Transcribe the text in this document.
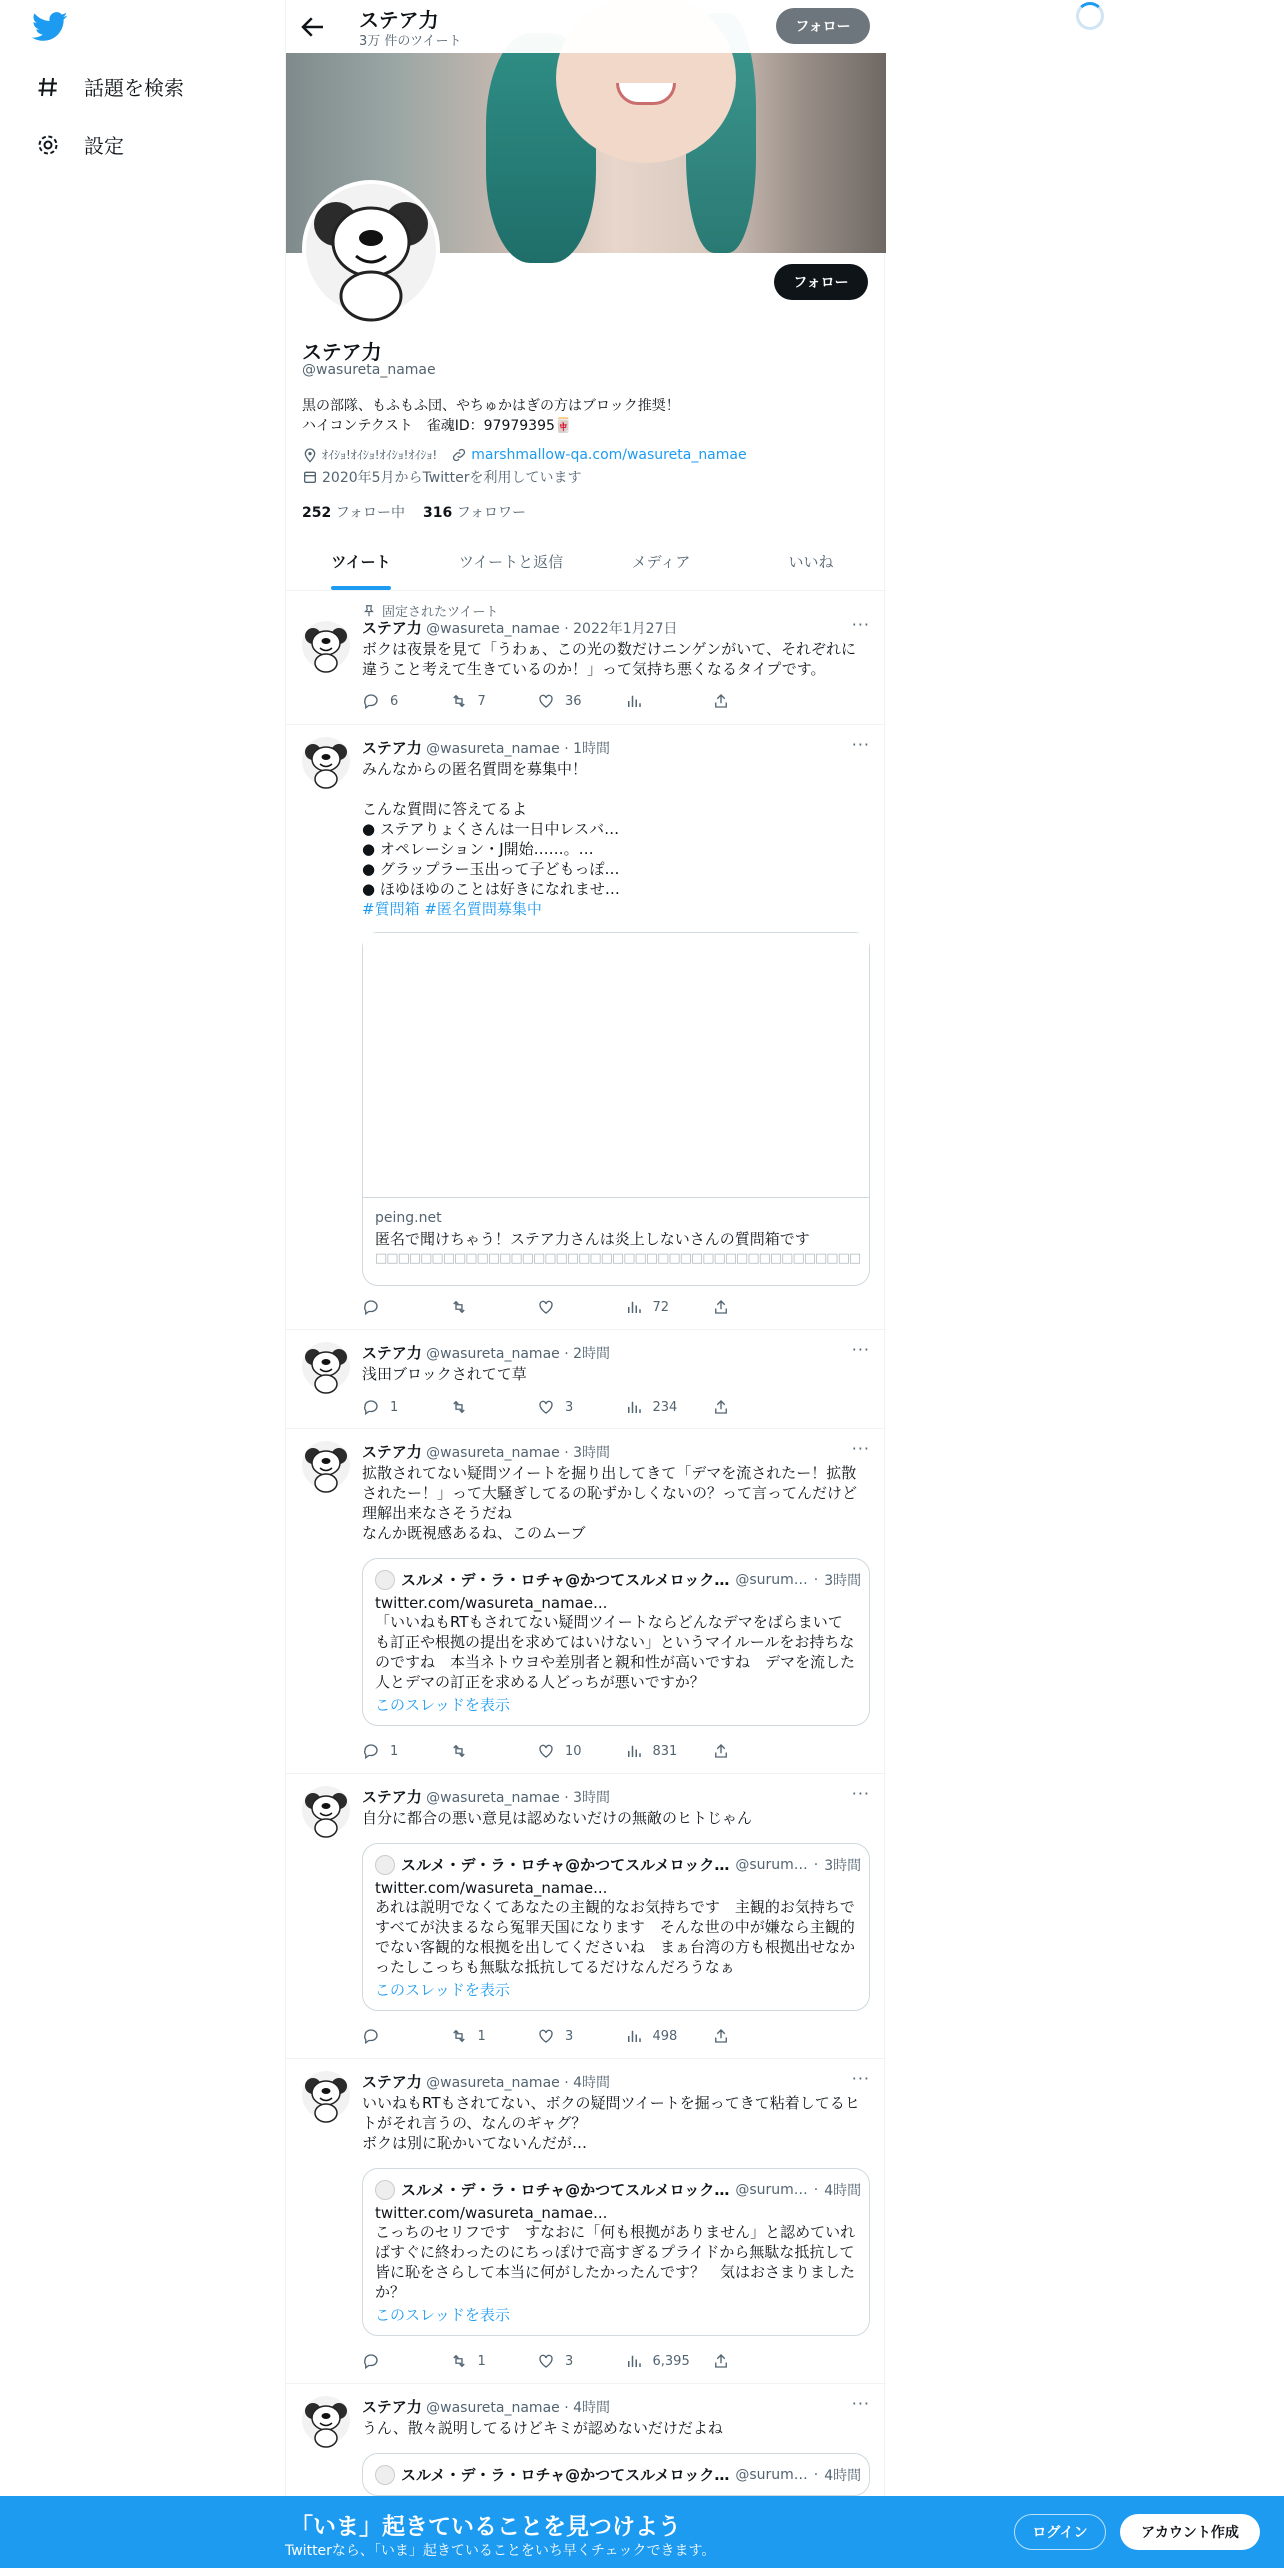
話題を検索
設定
ステア力
3万 件のツイート
フォロー
フォロー
ステア力
@wasureta_namae
黒の部隊、もふもふ団、やちゅかはぎの方はブロック推奨！
ハイコンテクスト　雀魂ID：97979395🀄
ｵｲｼｮ!ｵｲｼｮ!ｵｲｼｮ!ｵｲｼｮ! marshmallow-qa.com/wasureta_namae
2020年5月からTwitterを利用しています
252 フォロー中 316 フォロワー
ツイート	ツイートと返信	メディア	いいね
固定されたツイート
ステア力 @wasureta_namae · 2022年1月27日	···
ボクは夜景を見て「うわぁ、この光の数だけニンゲンがいて、それぞれに違うこと考えて生きているのか！」って気持ち悪くなるタイプです。
6	7	36
ステア力 @wasureta_namae · 1時間	···
みんなからの匿名質問を募集中！

こんな質問に答えてるよ
● ステアりょくさんは一日中レスバ…
● オペレーション・J開始……。…
● グラップラー玉出って子どもっぽ…
● ほゆほゆのことは好きになれませ…
#質問箱 #匿名質問募集中
peing.net
匿名で聞けちゃう！ステア力さんは炎上しないさんの質問箱です
□□□□□□□□□□□□□□□□□□□□□□□□□□□□□□□□□□□□□□□□□□□
72
ステア力 @wasureta_namae · 2時間	···
浅田ブロックされてて草
1	3	234
ステア力 @wasureta_namae · 3時間	···
拡散されてない疑問ツイートを掘り出してきて「デマを流されたー！拡散されたー！」って大騒ぎしてるの恥ずかしくないの？って言ってんだけど理解出来なさそうだね
なんか既視感あるね、このムーブ
スルメ・デ・ラ・ロチャ@かつてスルメロック… @surum… · 3時間
twitter.com/wasureta_namae...
「いいねもRTもされてない疑問ツイートならどんなデマをばらまいても訂正や根拠の提出を求めてはいけない」というマイルールをお持ちなのですね　本当ネトウヨや差別者と親和性が高いですね　デマを流した人とデマの訂正を求める人どっちが悪いですか？
このスレッドを表示
1	10	831
ステア力 @wasureta_namae · 3時間	···
自分に都合の悪い意見は認めないだけの無敵のヒトじゃん
スルメ・デ・ラ・ロチャ@かつてスルメロック… @surum… · 3時間
twitter.com/wasureta_namae...
あれは説明でなくてあなたの主観的なお気持ちです　主観的お気持ちですべてが決まるなら冤罪天国になります　そんな世の中が嫌なら主観的でない客観的な根拠を出してくださいね　まぁ台湾の方も根拠出せなかったしこっちも無駄な抵抗してるだけなんだろうなぁ
このスレッドを表示
1	3	498
ステア力 @wasureta_namae · 4時間	···
いいねもRTもされてない、ボクの疑問ツイートを掘ってきて粘着してるヒトがそれ言うの、なんのギャグ？
ボクは別に恥かいてないんだが…
スルメ・デ・ラ・ロチャ@かつてスルメロック… @surum… · 4時間
twitter.com/wasureta_namae...
こっちのセリフです　すなおに「何も根拠がありません」と認めていればすぐに終わったのにちっぽけで高すぎるプライドから無駄な抵抗して皆に恥をさらして本当に何がしたかったんです？　気はおさまりましたか？
このスレッドを表示
1	3	6,395
ステア力 @wasureta_namae · 4時間	···
うん、散々説明してるけどキミが認めないだけだよね
スルメ・デ・ラ・ロチャ@かつてスルメロック… @surum… · 4時間
「いま」起きていることを見つけよう
Twitterなら、「いま」起きていることをいち早くチェックできます。
ログイン	アカウント作成
